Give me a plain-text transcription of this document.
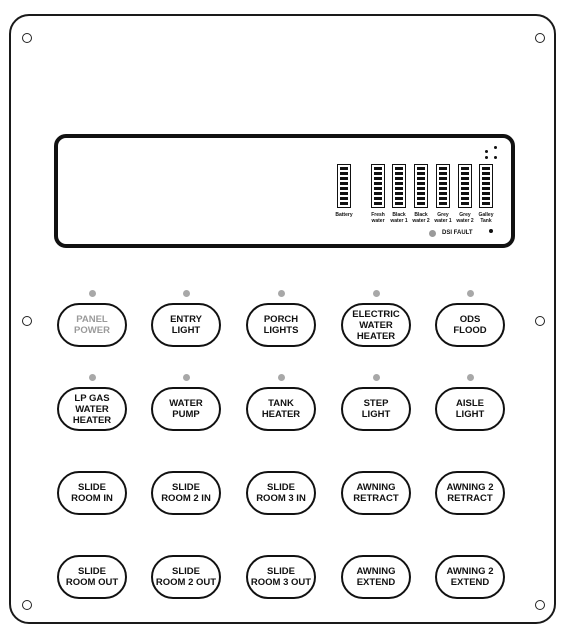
Battery	Fresh
water
Black
water 1
Black
water 2
Grey
water 1
Grey
water 2
Galley
Tank
DSI FAULT
PANEL
POWER
ENTRY
LIGHT
PORCH
LIGHTS
ELECTRIC
WATER
HEATER
ODS
FLOOD
LP GAS
WATER
HEATER
WATER
PUMP
TANK
HEATER
STEP
LIGHT
AISLE
LIGHT
SLIDE
ROOM IN
SLIDE
ROOM 2 IN
SLIDE
ROOM 3 IN
AWNING
RETRACT
AWNING 2
RETRACT
SLIDE
ROOM OUT
SLIDE
ROOM 2 OUT
SLIDE
ROOM 3 OUT
AWNING
EXTEND
AWNING 2
EXTEND
